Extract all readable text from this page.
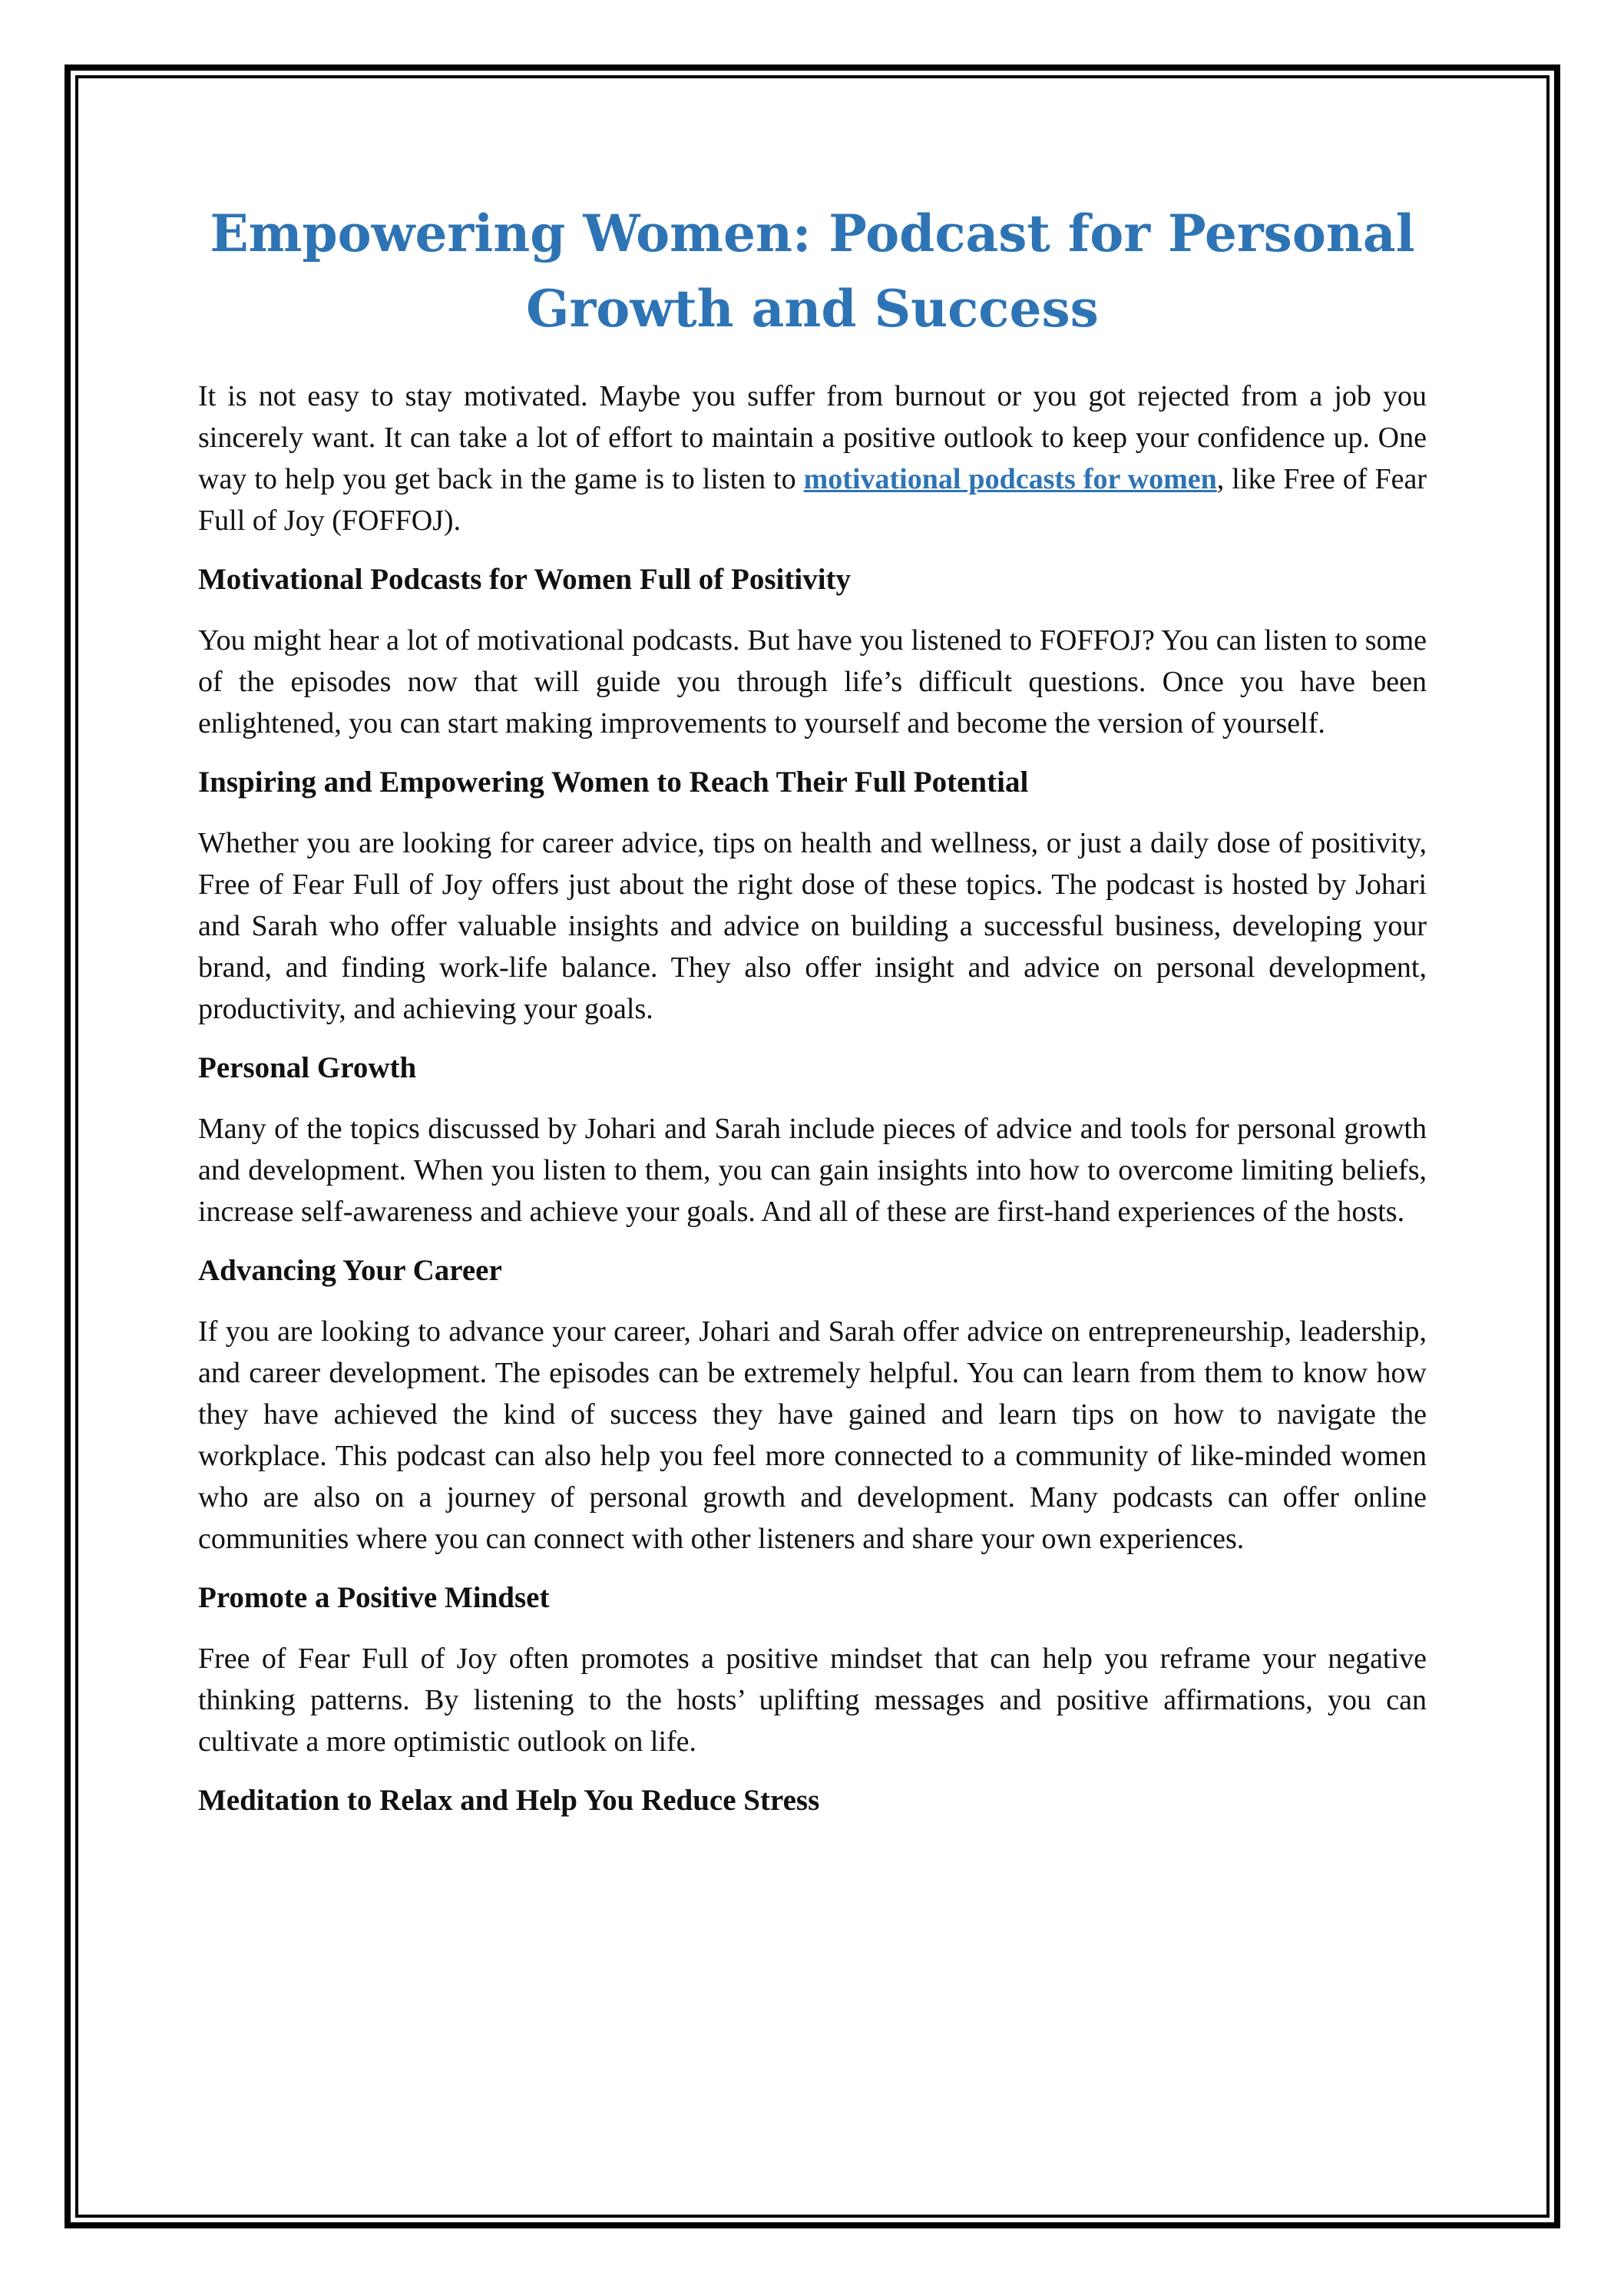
Empowering Women: Podcast for Personal
Growth and Success

It is not easy to stay motivated. Maybe you suffer from burnout or you got rejected from a job you sincerely want. It can take a lot of effort to maintain a positive outlook to keep your confidence up. One way to help you get back in the game is to listen to motivational podcasts for women, like Free of Fear Full of Joy (FOFFOJ).

Motivational Podcasts for Women Full of Positivity

You might hear a lot of motivational podcasts. But have you listened to FOFFOJ? You can listen to some of the episodes now that will guide you through life’s difficult questions. Once you have been enlightened, you can start making improvements to yourself and become the version of yourself.

Inspiring and Empowering Women to Reach Their Full Potential

Whether you are looking for career advice, tips on health and wellness, or just a daily dose of positivity, Free of Fear Full of Joy offers just about the right dose of these topics. The podcast is hosted by Johari and Sarah who offer valuable insights and advice on building a successful business, developing your brand, and finding work-life balance. They also offer insight and advice on personal development, productivity, and achieving your goals.

Personal Growth

Many of the topics discussed by Johari and Sarah include pieces of advice and tools for personal growth and development. When you listen to them, you can gain insights into how to overcome limiting beliefs, increase self-awareness and achieve your goals. And all of these are first-hand experiences of the hosts.

Advancing Your Career

If you are looking to advance your career, Johari and Sarah offer advice on entrepreneurship, leadership, and career development. The episodes can be extremely helpful. You can learn from them to know how they have achieved the kind of success they have gained and learn tips on how to navigate the workplace. This podcast can also help you feel more connected to a community of like-minded women who are also on a journey of personal growth and development. Many podcasts can offer online communities where you can connect with other listeners and share your own experiences.

Promote a Positive Mindset

Free of Fear Full of Joy often promotes a positive mindset that can help you reframe your negative thinking patterns. By listening to the hosts’ uplifting messages and positive affirmations, you can cultivate a more optimistic outlook on life.

Meditation to Relax and Help You Reduce Stress
